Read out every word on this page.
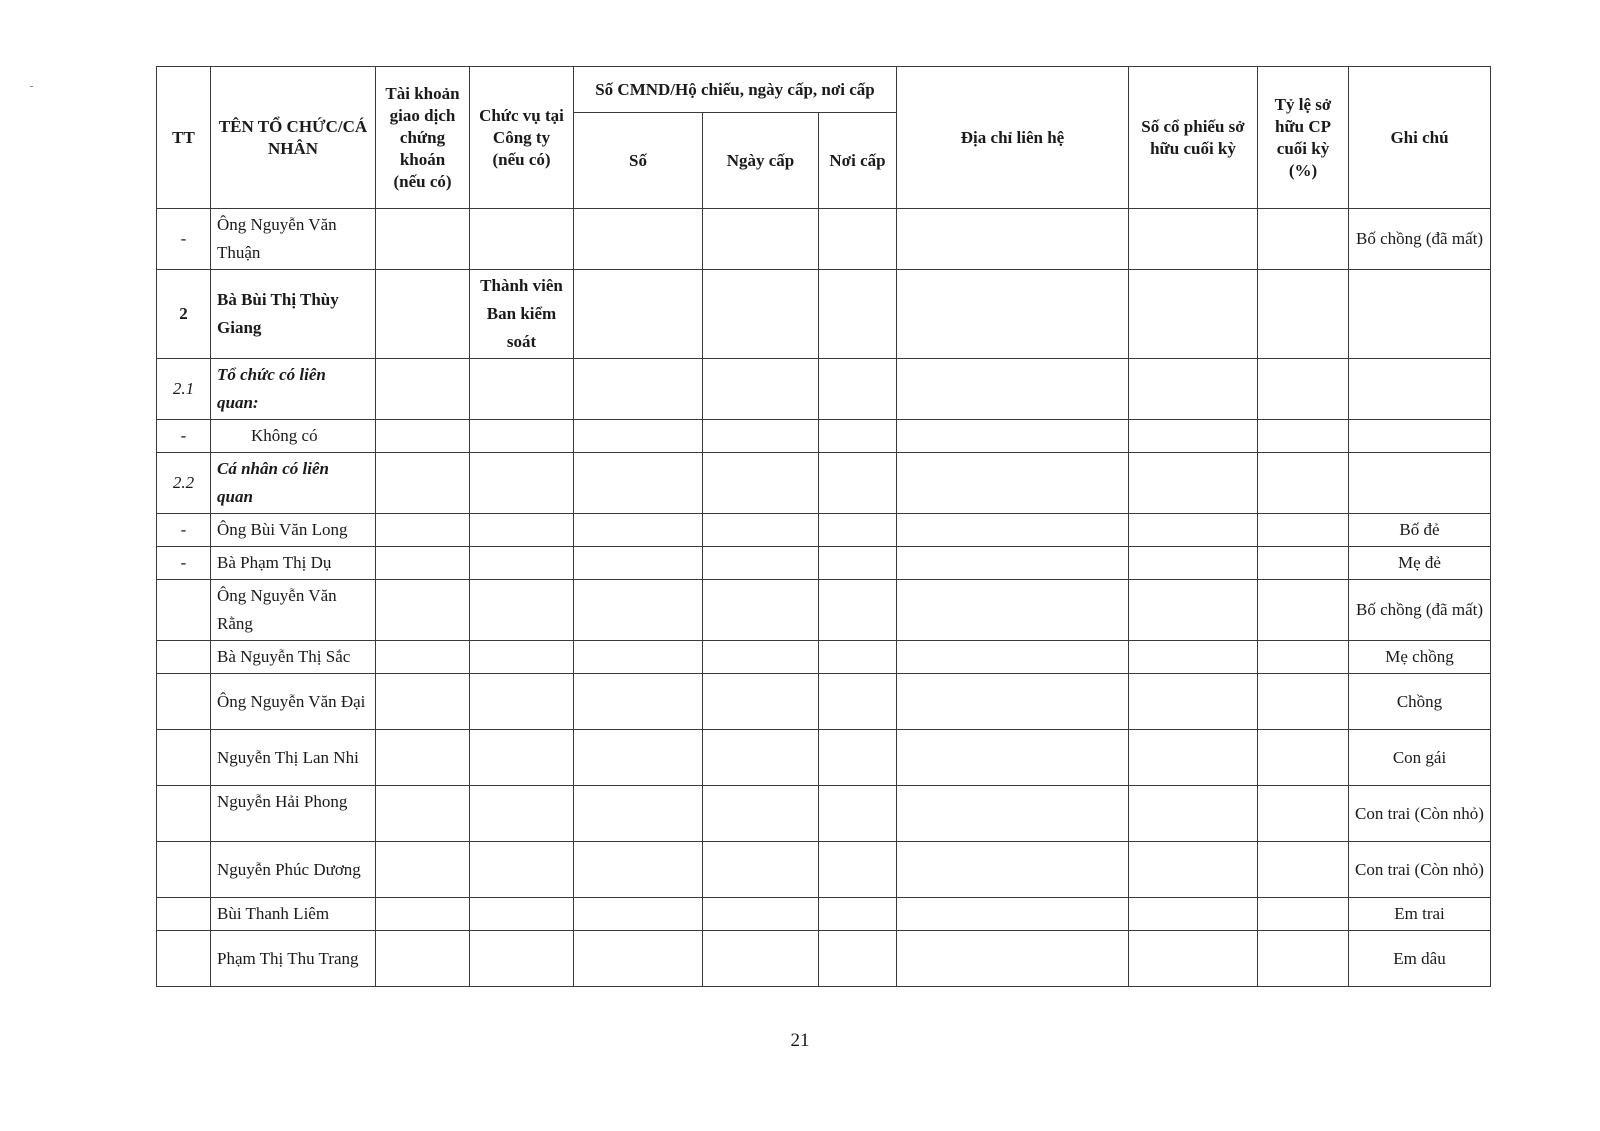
TT	TÊN TỔ CHỨC/CÁ NHÂN	Tài khoản giao dịch chứng khoán (nếu có)	Chức vụ tại Công ty (nếu có)	Số CMND/Hộ chiếu, ngày cấp, nơi cấp			Địa chỉ liên hệ	Số cổ phiếu sở hữu cuối kỳ	Tỷ lệ sở hữu CP cuối kỳ (%)	Ghi chú
				Số	Ngày cấp	Nơi cấp				
-	Ông Nguyễn Văn Thuận									Bố chồng (đã mất)
2	Bà Bùi Thị Thùy Giang		Thành viên Ban kiểm soát							
2.1	Tổ chức có liên quan:									
-	Không có									
2.2	Cá nhân có liên quan									
-	Ông Bùi Văn Long									Bố đẻ
-	Bà Phạm Thị Dụ									Mẹ đẻ
	Ông Nguyễn Văn Rằng									Bố chồng (đã mất)
	Bà Nguyễn Thị Sắc									Mẹ chồng
	Ông Nguyễn Văn Đại									Chồng
	Nguyễn Thị Lan Nhi									Con gái
	Nguyễn Hải Phong									Con trai (Còn nhỏ)
	Nguyễn Phúc Dương									Con trai (Còn nhỏ)
	Bùi Thanh Liêm									Em trai
	Phạm Thị Thu Trang									Em dâu
21
